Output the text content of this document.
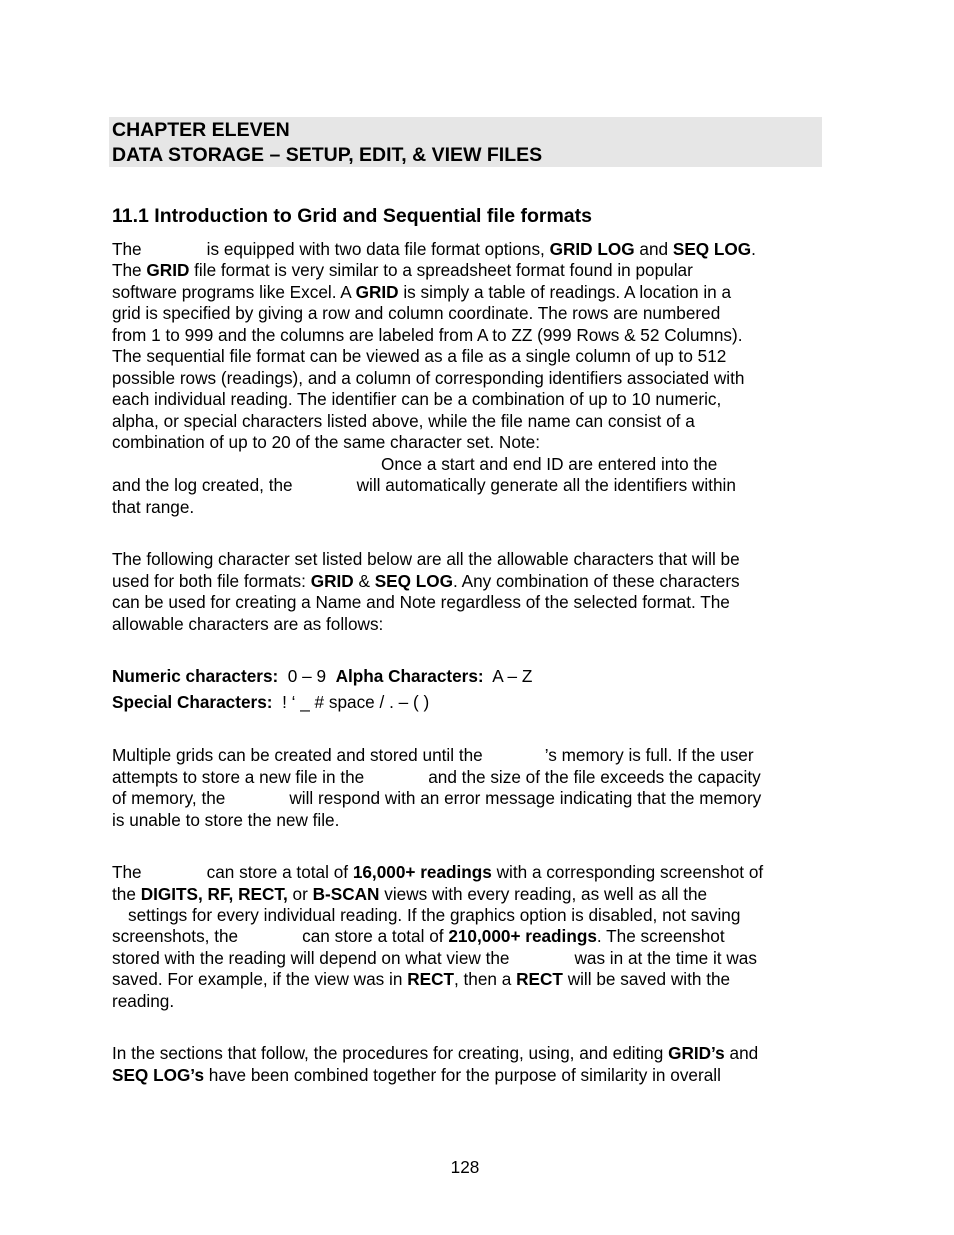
CHAPTER ELEVEN
DATA STORAGE – SETUP, EDIT, & VIEW FILES
11.1 Introduction to Grid and Sequential file formats
The	is equipped with two data file format options, GRID LOG and SEQ LOG.
The GRID file format is very similar to a spreadsheet format found in popular
software programs like Excel. A GRID is simply a table of readings. A location in a
grid is specified by giving a row and column coordinate. The rows are numbered
from 1 to 999 and the columns are labeled from A to ZZ (999 Rows & 52 Columns).
The sequential file format can be viewed as a file as a single column of up to 512
possible rows (readings), and a column of corresponding identifiers associated with
each individual reading. The identifier can be a combination of up to 10 numeric,
alpha, or special characters listed above, while the file name can consist of a
combination of up to 20 of the same character set. Note:
Once a start and end ID are entered into the
and the log created, the	will automatically generate all the identifiers within
that range.
The following character set listed below are all the allowable characters that will be
used for both file formats: GRID & SEQ LOG. Any combination of these characters
can be used for creating a Name and Note regardless of the selected format. The
allowable characters are as follows:
Numeric characters: 0 – 9 Alpha Characters: A – Z
Special Characters: ! ‘ _ # space / . – ( )
Multiple grids can be created and stored until the	’s memory is full. If the user
attempts to store a new file in the	and the size of the file exceeds the capacity
of memory, the	will respond with an error message indicating that the memory
is unable to store the new file.
The	can store a total of 16,000+ readings with a corresponding screenshot of
the DIGITS, RF, RECT, or B-SCAN views with every reading, as well as all the
settings for every individual reading. If the graphics option is disabled, not saving
screenshots, the	can store a total of 210,000+ readings. The screenshot
stored with the reading will depend on what view the	was in at the time it was
saved. For example, if the view was in RECT, then a RECT will be saved with the
reading.
In the sections that follow, the procedures for creating, using, and editing GRID’s and
SEQ LOG’s have been combined together for the purpose of similarity in overall
128
